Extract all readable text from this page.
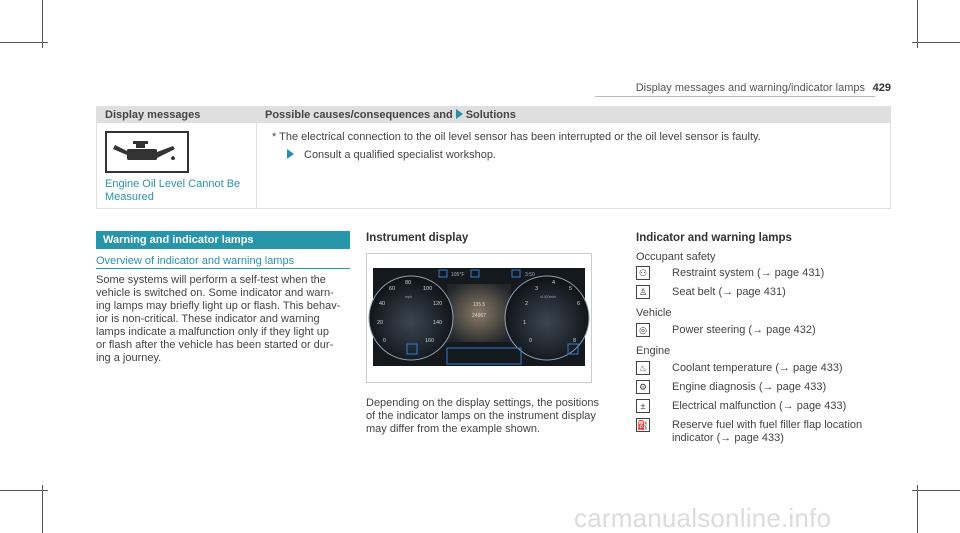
Display messages and warning/indicator lamps 429
Display messages	Possible causes/consequences and Solutions
Engine Oil Level Cannot Be Measured
* The electrical connection to the oil level sensor has been interrupted or the oil level sensor is faulty.
Consult a qualified specialist workshop.
Warning and indicator lamps
Overview of indicator and warning lamps
Some systems will perform a self-test when the
vehicle is switched on. Some indicator and warn-
ing lamps may briefly light up or flash. This behav-
ior is non-critical. These indicator and warning
lamps indicate a malfunction only if they light up
or flash after the vehicle has been started or dur-
ing a journey.
Instrument display
0
20
40
60
80
100
120
140
160	0
1
2
3
4
5
6
8
mph	x1000/min
135.5
24967
105°F	3:50
Depending on the display settings, the positions
of the indicator lamps on the instrument display
may differ from the example shown.
Indicator and warning lamps
Occupant safety
⚇ Restraint system (→ page 431)
♙ Seat belt (→ page 431)
Vehicle
◎ Power steering (→ page 432)
Engine
♨ Coolant temperature (→ page 433)
⚙ Engine diagnosis (→ page 433)
±	Electrical malfunction (→ page 433)
⛽ Reserve fuel with fuel filler flap location
indicator (→ page 433)
carmanualsonline.info
